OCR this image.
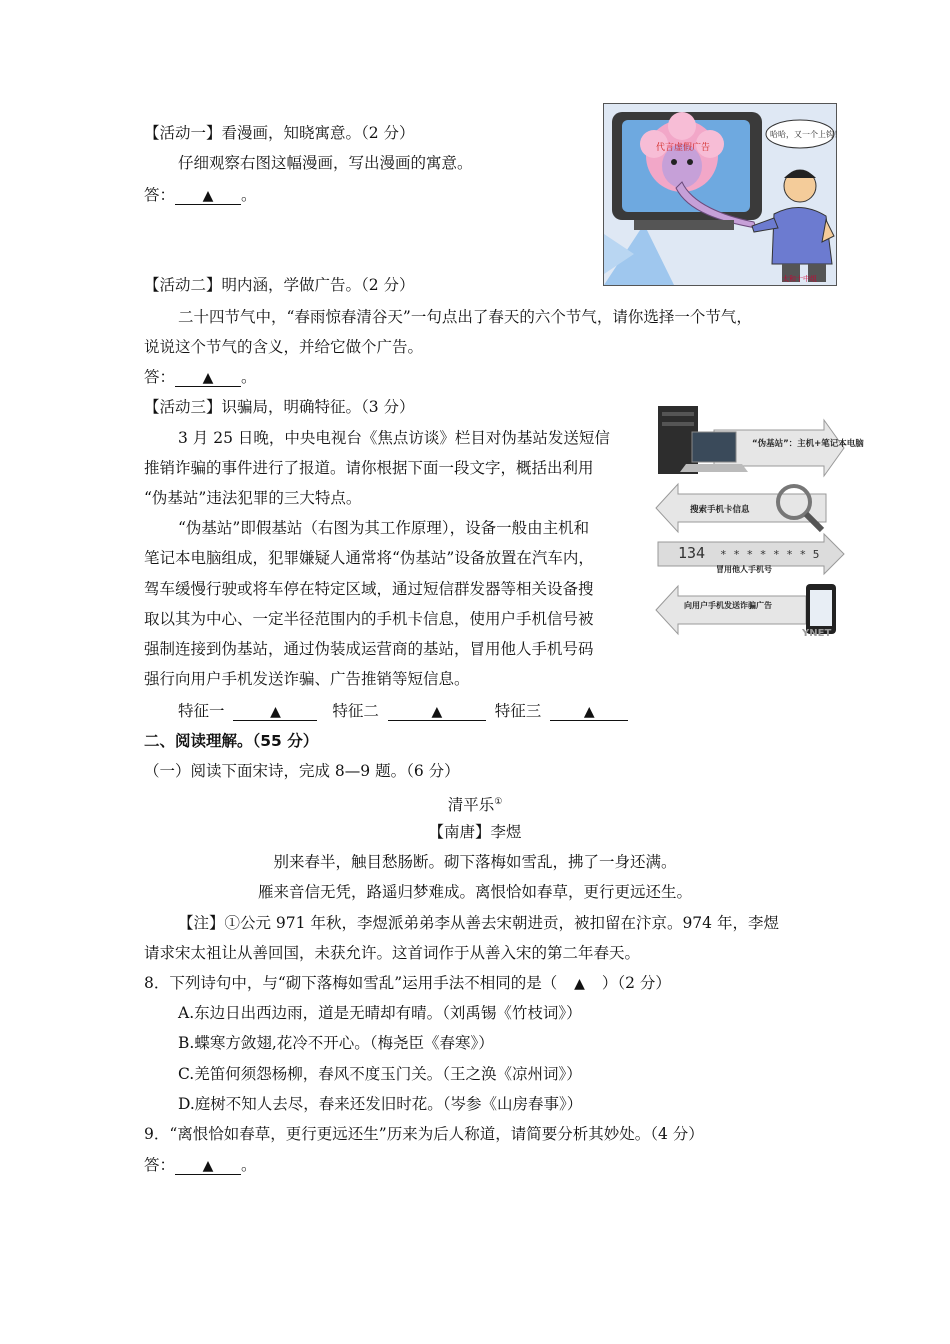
【活动一】看漫画，知晓寓意。（2 分）
仔细观察右图这幅漫画，写出漫画的寓意。
答： ▲ 。
代言虚假广告
哈哈，又一个上钩！
太和十中组
【活动二】明内涵，学做广告。（2 分）
二十四节气中，“春雨惊春清谷天”一句点出了春天的六个节气，请你选择一个节气，
说说这个节气的含义，并给它做个广告。
答： ▲ 。
【活动三】识骗局，明确特征。（3 分）
3 月 25 日晚，中央电视台《焦点访谈》栏目对伪基站发送短信
推销诈骗的事件进行了报道。请你根据下面一段文字，概括出利用
“伪基站”违法犯罪的三大特点。
“伪基站”即假基站（右图为其工作原理），设备一般由主机和
笔记本电脑组成，犯罪嫌疑人通常将“伪基站”设备放置在汽车内，
驾车缓慢行驶或将车停在特定区域，通过短信群发器等相关设备搜
取以其为中心、一定半径范围内的手机卡信息，使用户手机信号被
强制连接到伪基站，通过伪装成运营商的基站，冒用他人手机号码
强行向用户手机发送诈骗、广告推销等短信息。
“伪基站”：主机+笔记本电脑
搜索手机卡信息
134 * * * * * * * 5
冒用他人手机号
向用户手机发送诈骗广告
YNET
特征一	▲	特征二	▲	特征三	▲
二、阅读理解。（55 分）
（一）阅读下面宋诗，完成 8—9 题。（6 分）
清平乐①
【南唐】李煜
别来春半，触目愁肠断。砌下落梅如雪乱，拂了一身还满。
雁来音信无凭，路遥归梦难成。离恨恰如春草，更行更远还生。
【注】①公元 971 年秋，李煜派弟弟李从善去宋朝进贡，被扣留在汴京。974 年，李煜
请求宋太祖让从善回国，未获允许。这首词作于从善入宋的第二年春天。
8．下列诗句中，与“砌下落梅如雪乱”运用手法不相同的是（ ▲ ）（2 分）
A.东边日出西边雨，道是无晴却有晴。（刘禹锡《竹枝词》）
B.蝶寒方敛翅,花冷不开心。（梅尧臣《春寒》）
C.羌笛何须怨杨柳，春风不度玉门关。（王之涣《凉州词》）
D.庭树不知人去尽，春来还发旧时花。（岑参《山房春事》）
9．“离恨恰如春草，更行更远还生”历来为后人称道，请简要分析其妙处。（4 分）
答： ▲ 。
